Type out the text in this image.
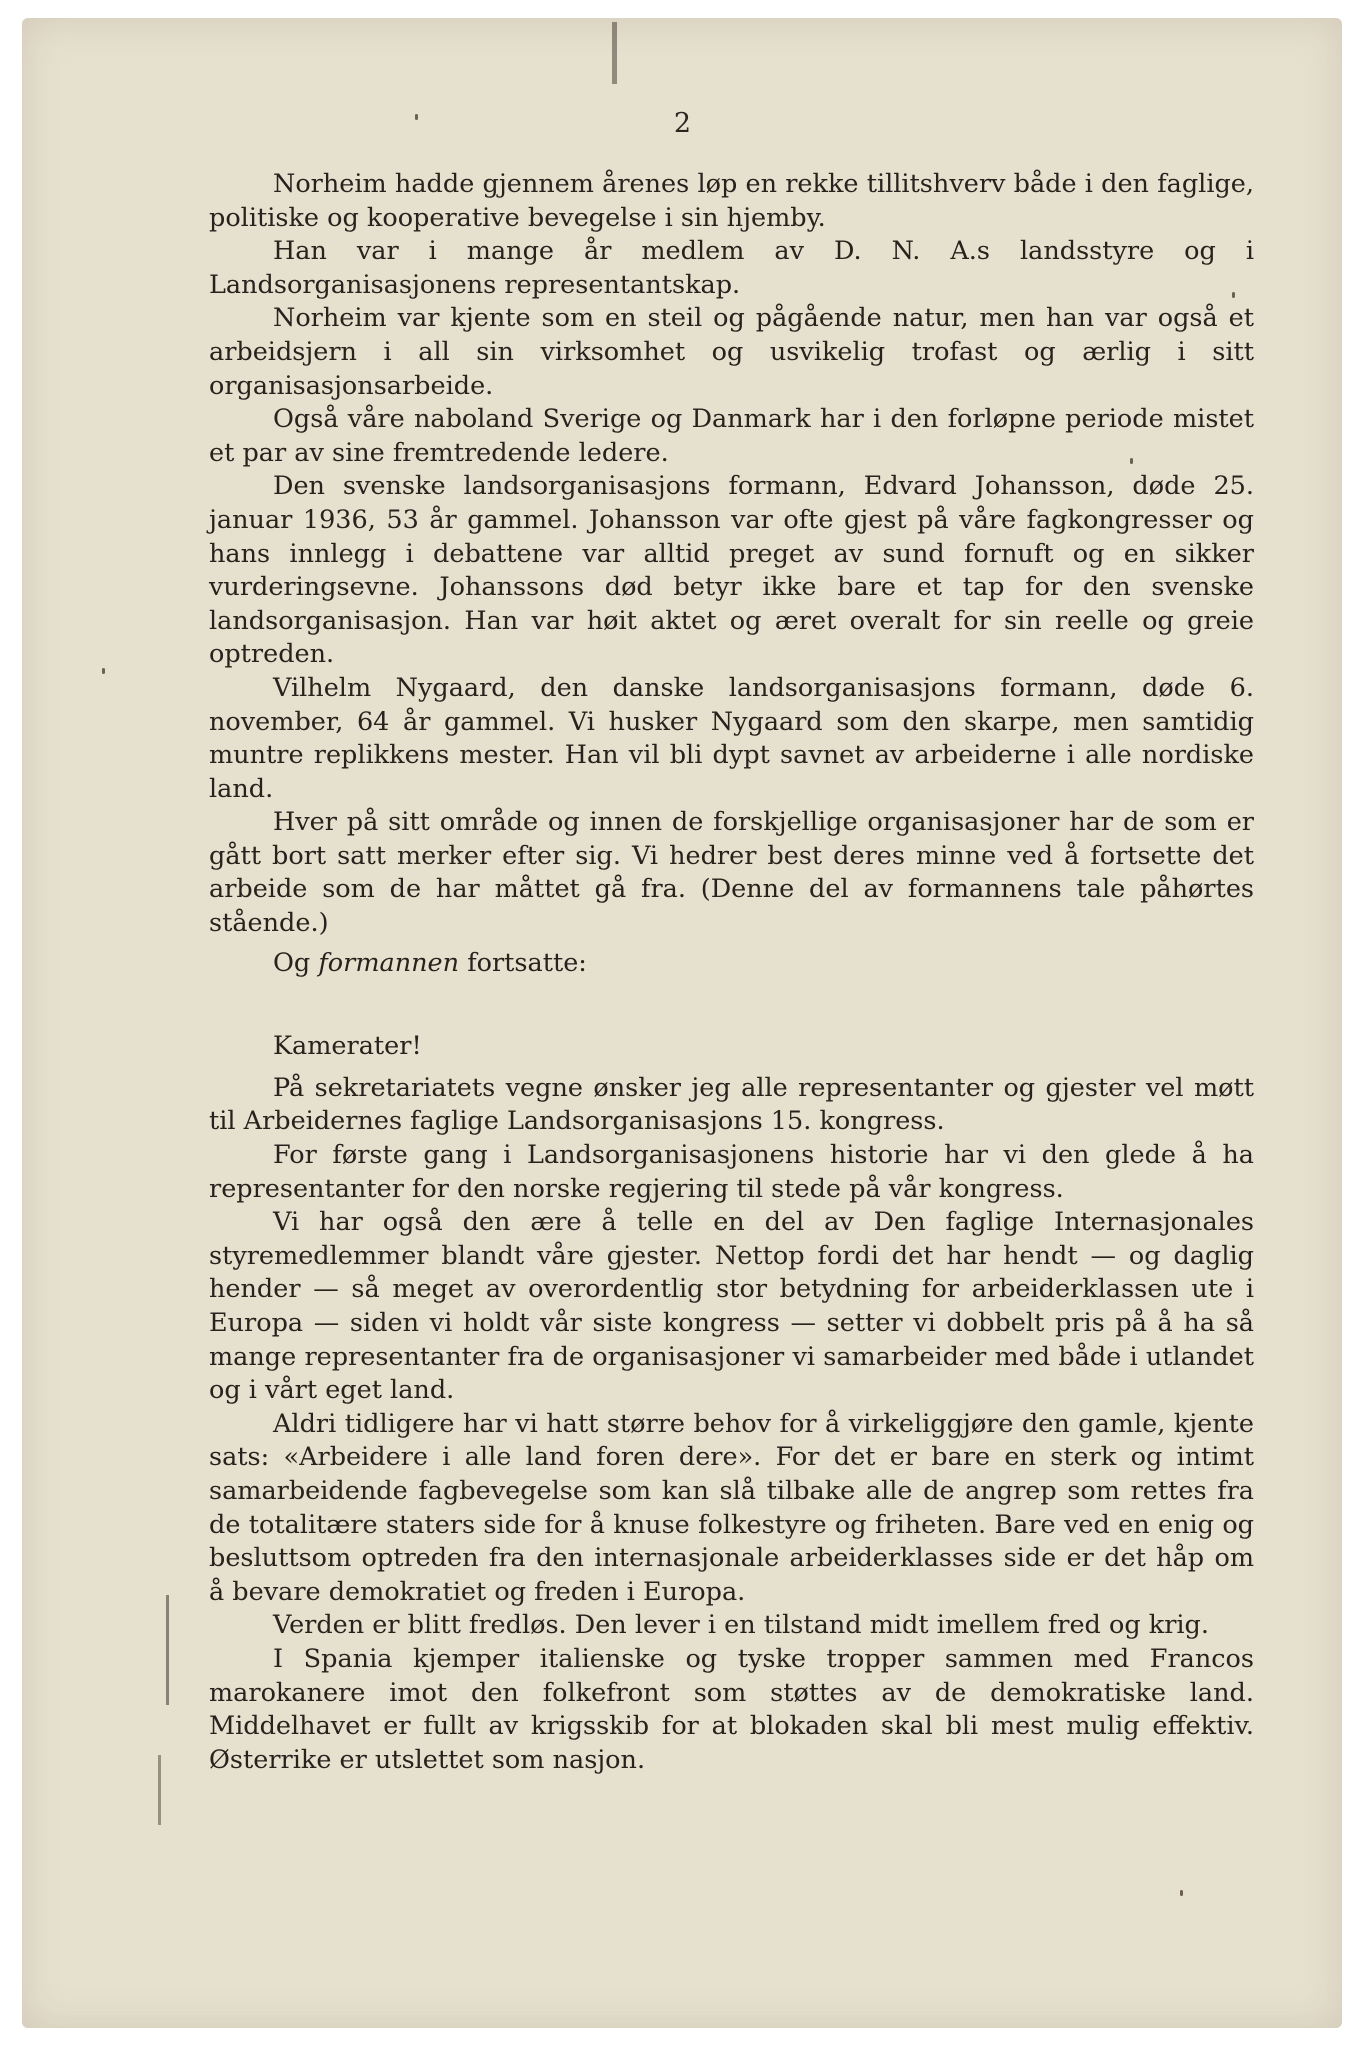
2

Norheim hadde gjennem årenes løp en rekke tillitshverv både i den faglige, politiske og kooperative bevegelse i sin hjemby.

Han var i mange år medlem av D. N. A.s landsstyre og i Landsorganisasjonens representantskap.

Norheim var kjente som en steil og pågående natur, men han var også et arbeidsjern i all sin virksomhet og usvikelig trofast og ærlig i sitt organisasjonsarbeide.

Også våre naboland Sverige og Danmark har i den forløpne periode mistet et par av sine fremtredende ledere.

Den svenske landsorganisasjons formann, Edvard Johansson, døde 25. januar 1936, 53 år gammel. Johansson var ofte gjest på våre fagkongresser og hans innlegg i debattene var alltid preget av sund fornuft og en sikker vurderingsevne. Johanssons død betyr ikke bare et tap for den svenske landsorganisasjon. Han var høit aktet og æret overalt for sin reelle og greie optreden.

Vilhelm Nygaard, den danske landsorganisasjons formann, døde 6. november, 64 år gammel. Vi husker Nygaard som den skarpe, men samtidig muntre replikkens mester. Han vil bli dypt savnet av arbeiderne i alle nordiske land.

Hver på sitt område og innen de forskjellige organisasjoner har de som er gått bort satt merker efter sig. Vi hedrer best deres minne ved å fortsette det arbeide som de har måttet gå fra. (Denne del av formannens tale påhørtes stående.)

Og formannen fortsatte:

Kamerater!

På sekretariatets vegne ønsker jeg alle representanter og gjester vel møtt til Arbeidernes faglige Landsorganisasjons 15. kongress.

For første gang i Landsorganisasjonens historie har vi den glede å ha representanter for den norske regjering til stede på vår kongress.

Vi har også den ære å telle en del av Den faglige Internasjonales styremedlemmer blandt våre gjester. Nettop fordi det har hendt — og daglig hender — så meget av overordentlig stor betydning for arbeiderklassen ute i Europa — siden vi holdt vår siste kongress — setter vi dobbelt pris på å ha så mange representanter fra de organisasjoner vi samarbeider med både i utlandet og i vårt eget land.

Aldri tidligere har vi hatt større behov for å virkeliggjøre den gamle, kjente sats: «Arbeidere i alle land foren dere». For det er bare en sterk og intimt samarbeidende fagbevegelse som kan slå tilbake alle de angrep som rettes fra de totalitære staters side for å knuse folkestyre og friheten. Bare ved en enig og besluttsom optreden fra den internasjonale arbeiderklasses side er det håp om å bevare demokratiet og freden i Europa.

Verden er blitt fredløs. Den lever i en tilstand midt imellem fred og krig.

I Spania kjemper italienske og tyske tropper sammen med Francos marokanere imot den folkefront som støttes av de demokratiske land. Middelhavet er fullt av krigsskib for at blokaden skal bli mest mulig effektiv. Østerrike er utslettet som nasjon.
